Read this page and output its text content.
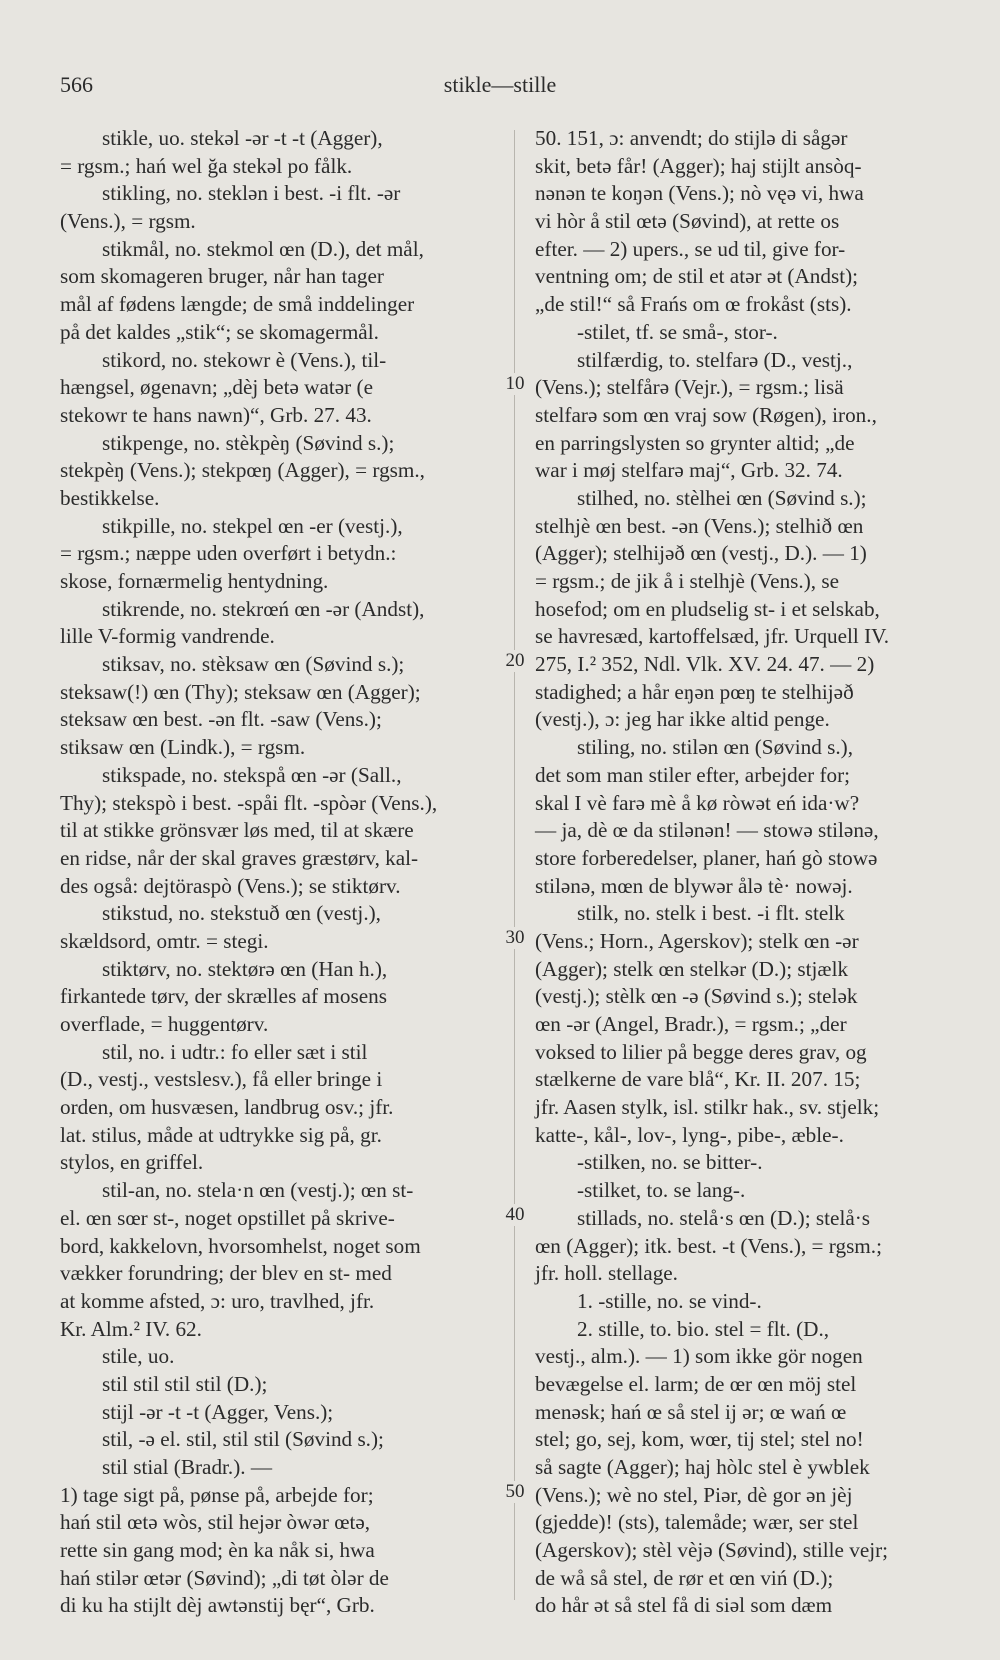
566	stikle—stille
10
20
30
40
50
stikle, uo. stekəl -ər -t -t (Agger),
= rgsm.; hań wel ğa stekəl po fålk.
stikling, no. steklən i best. -i flt. -ər
(Vens.), = rgsm.
stikmål, no. stekmol œn (D.), det mål,
som skomageren bruger, når han tager
mål af fødens længde; de små inddelinger
på det kaldes „stik“; se skomagermål.
stikord, no. stekowr è (Vens.), til-
hængsel, øgenavn; „dèj betə watər (e
stekowr te hans nawn)“, Grb. 27. 43.
stikpenge, no. stèkpèŋ (Søvind s.);
stekpèŋ (Vens.); stekpœŋ (Agger), = rgsm.,
bestikkelse.
stikpille, no. stekpel œn -er (vestj.),
= rgsm.; næppe uden overført i betydn.:
skose, fornærmelig hentydning.
stikrende, no. stekrœń œn -ər (Andst),
lille V-formig vandrende.
stiksav, no. stèksaw œn (Søvind s.);
steksaw(!) œn (Thy); steksaw œn (Agger);
steksaw œn best. -ən flt. -saw (Vens.);
stiksaw œn (Lindk.), = rgsm.
stikspade, no. stekspå œn -ər (Sall.,
Thy); stekspò i best. -spåi flt. -spòər (Vens.),
til at stikke grönsvær løs med, til at skære
en ridse, når der skal graves græstørv, kal-
des også: dejtöraspò (Vens.); se stiktørv.
stikstud, no. stekstuð œn (vestj.),
skældsord, omtr. = stegi.
stiktørv, no. stektørə œn (Han h.),
firkantede tørv, der skrælles af mosens
overflade, = huggentørv.
stil, no. i udtr.: fo eller sæt i stil
(D., vestj., vestslesv.), få eller bringe i
orden, om husvæsen, landbrug osv.; jfr.
lat. stilus, måde at udtrykke sig på, gr.
stylos, en griffel.
stil-an, no. stela·n œn (vestj.); œn st-
el. œn sœr st-, noget opstillet på skrive-
bord, kakkelovn, hvorsomhelst, noget som
vækker forundring; der blev en st- med
at komme afsted, ɔ: uro, travlhed, jfr.
Kr. Alm.² IV. 62.
stile, uo.
stil stil stil stil (D.);
stijl -ər -t -t (Agger, Vens.);
stil, -ə el. stil, stil stil (Søvind s.);
stil stial (Bradr.). —
1) tage sigt på, pønse på, arbejde for;
hań stil œtə wòs, stil hejər òwər œtə,
rette sin gang mod; èn ka nåk si, hwa
hań stilər œtər (Søvind); „di tøt òlər de
di ku ha stijlt dèj awtənstij bęr“, Grb.
50. 151, ɔ: anvendt; do stijlə di sågər
skit, betə får! (Agger); haj stijlt ansòq-
nənən te koŋən (Vens.); nò vęə vi, hwa
vi hòr å stil œtə (Søvind), at rette os
efter. — 2) upers., se ud til, give for-
ventning om; de stil et atər ət (Andst);
„de stil!“ så Frańs om œ frokåst (sts).
-stilet, tf. se små-, stor-.
stilfærdig, to. stelfarə (D., vestj.,
(Vens.); stelfårə (Vejr.), = rgsm.; lisä
stelfarə som œn vraj sow (Røgen), iron.,
en parringslysten so grynter altid; „de
war i møj stelfarə maj“, Grb. 32. 74.
stilhed, no. stèlhei œn (Søvind s.);
stelhjè œn best. -ən (Vens.); stelhið œn
(Agger); stelhijəð œn (vestj., D.). — 1)
= rgsm.; de jik å i stelhjè (Vens.), se
hosefod; om en pludselig st- i et selskab,
se havresæd, kartoffelsæd, jfr. Urquell IV.
275, I.² 352, Ndl. Vlk. XV. 24. 47. — 2)
stadighed; a hår eŋən pœŋ te stelhijəð
(vestj.), ɔ: jeg har ikke altid penge.
stiling, no. stilən œn (Søvind s.),
det som man stiler efter, arbejder for;
skal I vè farə mè å kø ròwət eń ida·w?
— ja, dè œ da stilənən! — stowə stilənə,
store forberedelser, planer, hań gò stowə
stilənə, mœn de blywər ålə tè· nowəj.
stilk, no. stelk i best. -i flt. stelk
(Vens.; Horn., Agerskov); stelk œn -ər
(Agger); stelk œn stelkər (D.); stjælk
(vestj.); stèlk œn -ə (Søvind s.); stelək
œn -ər (Angel, Bradr.), = rgsm.; „der
voksed to lilier på begge deres grav, og
stælkerne de vare blå“, Kr. II. 207. 15;
jfr. Aasen stylk, isl. stilkr hak., sv. stjelk;
katte-, kål-, lov-, lyng-, pibe-, æble-.
-stilken, no. se bitter-.
-stilket, to. se lang-.
stillads, no. stelå·s œn (D.); stelå·s
œn (Agger); itk. best. -t (Vens.), = rgsm.;
jfr. holl. stellage.
1. -stille, no. se vind-.
2. stille, to. bio. stel = flt. (D.,
vestj., alm.). — 1) som ikke gör nogen
bevægelse el. larm; de œr œn möj stel
menəsk; hań œ så stel ij ər; œ wań œ
stel; go, sej, kom, wœr, tij stel; stel no!
så sagte (Agger); haj hòlc stel è ywblek
(Vens.); wè no stel, Piər, dè gor ən jèj
(gjedde)! (sts), talemåde; wær, ser stel
(Agerskov); stèl vèjə (Søvind), stille vejr;
de wå så stel, de rør et œn viń (D.);
do hår ət så stel få di siəl som dæm
